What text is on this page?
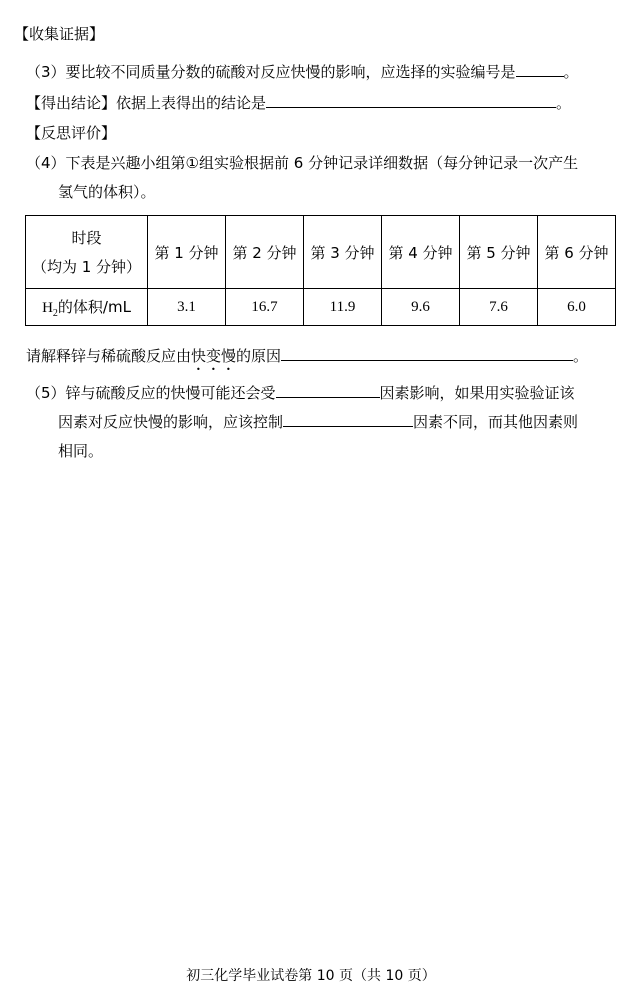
【收集证据】
（3）要比较不同质量分数的硫酸对反应快慢的影响，应选择的实验编号是	。
【得出结论】依据上表得出的结论是	。
【反思评价】
（4）下表是兴趣小组第①组实验根据前 6 分钟记录详细数据（每分钟记录一次产生
氢气的体积）。
时段
（均为 1 分钟）	第 1 分钟	第 2 分钟	第 3 分钟	第 4 分钟	第 5 分钟	第 6 分钟
$H_2$的体积/mL	3.1	16.7	11.9	9.6	7.6	6.0
请解释锌与稀硫酸反应由快变慢的原因	。
（5）锌与硫酸反应的快慢可能还会受	因素影响，如果用实验验证该
因素对反应快慢的影响，应该控制	因素不同，而其他因素则
相同。
初三化学毕业试卷第 10 页（共 10 页）
